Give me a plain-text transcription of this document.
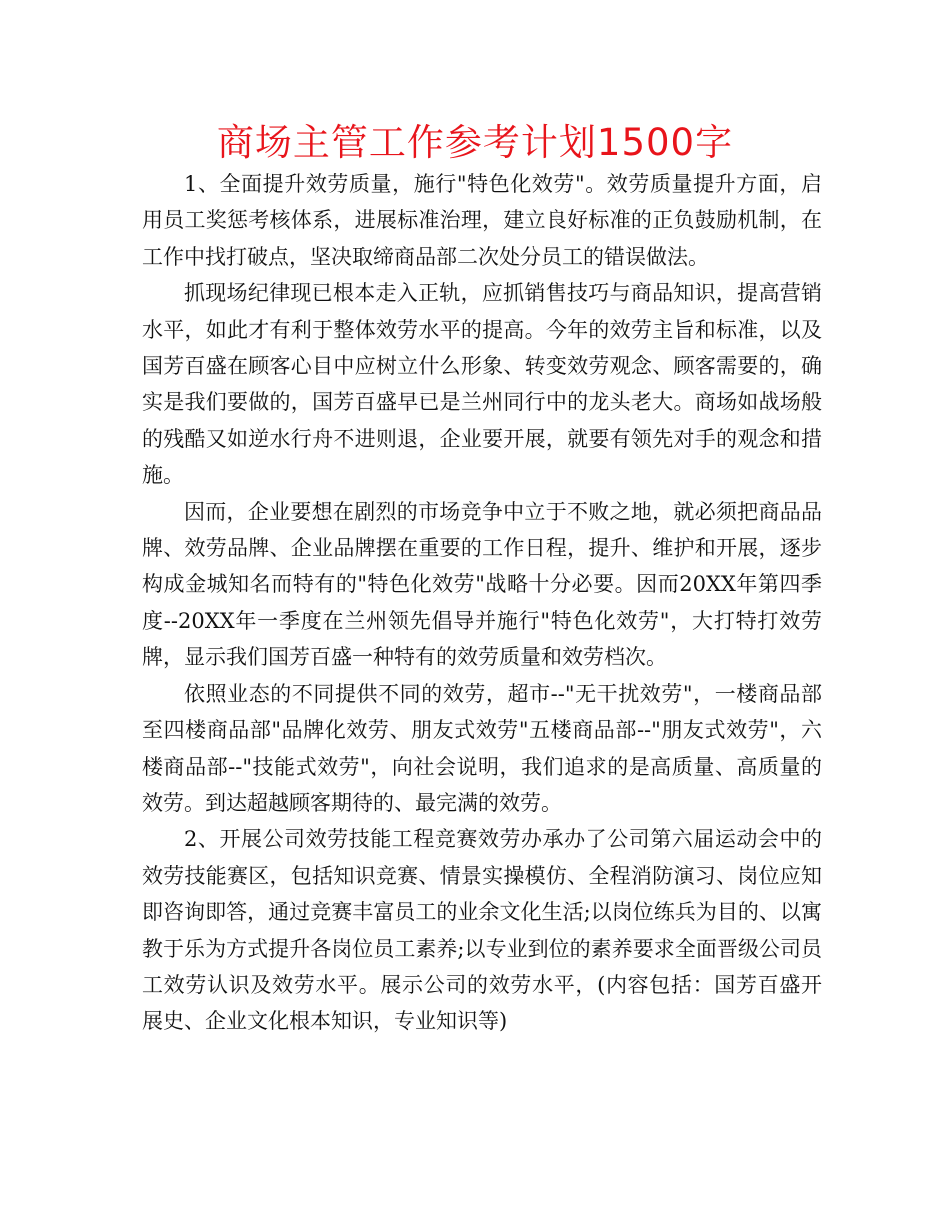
商场主管工作参考计划1500字

1、全面提升效劳质量，施行"特色化效劳"。效劳质量提升方面，启用员工奖惩考核体系，进展标准治理，建立良好标准的正负鼓励机制，在工作中找打破点，坚决取缔商品部二次处分员工的错误做法。

抓现场纪律现已根本走入正轨，应抓销售技巧与商品知识，提高营销水平，如此才有利于整体效劳水平的提高。今年的效劳主旨和标准，以及国芳百盛在顾客心目中应树立什么形象、转变效劳观念、顾客需要的，确实是我们要做的，国芳百盛早已是兰州同行中的龙头老大。商场如战场般的残酷又如逆水行舟不进则退，企业要开展，就要有领先对手的观念和措施。

因而，企业要想在剧烈的市场竞争中立于不败之地，就必须把商品品牌、效劳品牌、企业品牌摆在重要的工作日程，提升、维护和开展，逐步构成金城知名而特有的"特色化效劳"战略十分必要。因而20XX年第四季度--20XX年一季度在兰州领先倡导并施行"特色化效劳"，大打特打效劳牌，显示我们国芳百盛一种特有的效劳质量和效劳档次。

依照业态的不同提供不同的效劳，超市--"无干扰效劳"，一楼商品部至四楼商品部"品牌化效劳、朋友式效劳"五楼商品部--"朋友式效劳"，六楼商品部--"技能式效劳"，向社会说明，我们追求的是高质量、高质量的效劳。到达超越顾客期待的、最完满的效劳。

2、开展公司效劳技能工程竞赛效劳办承办了公司第六届运动会中的效劳技能赛区，包括知识竞赛、情景实操模仿、全程消防演习、岗位应知即咨询即答，通过竞赛丰富员工的业余文化生活;以岗位练兵为目的、以寓教于乐为方式提升各岗位员工素养;以专业到位的素养要求全面晋级公司员工效劳认识及效劳水平。展示公司的效劳水平，(内容包括：国芳百盛开展史、企业文化根本知识，专业知识等)
